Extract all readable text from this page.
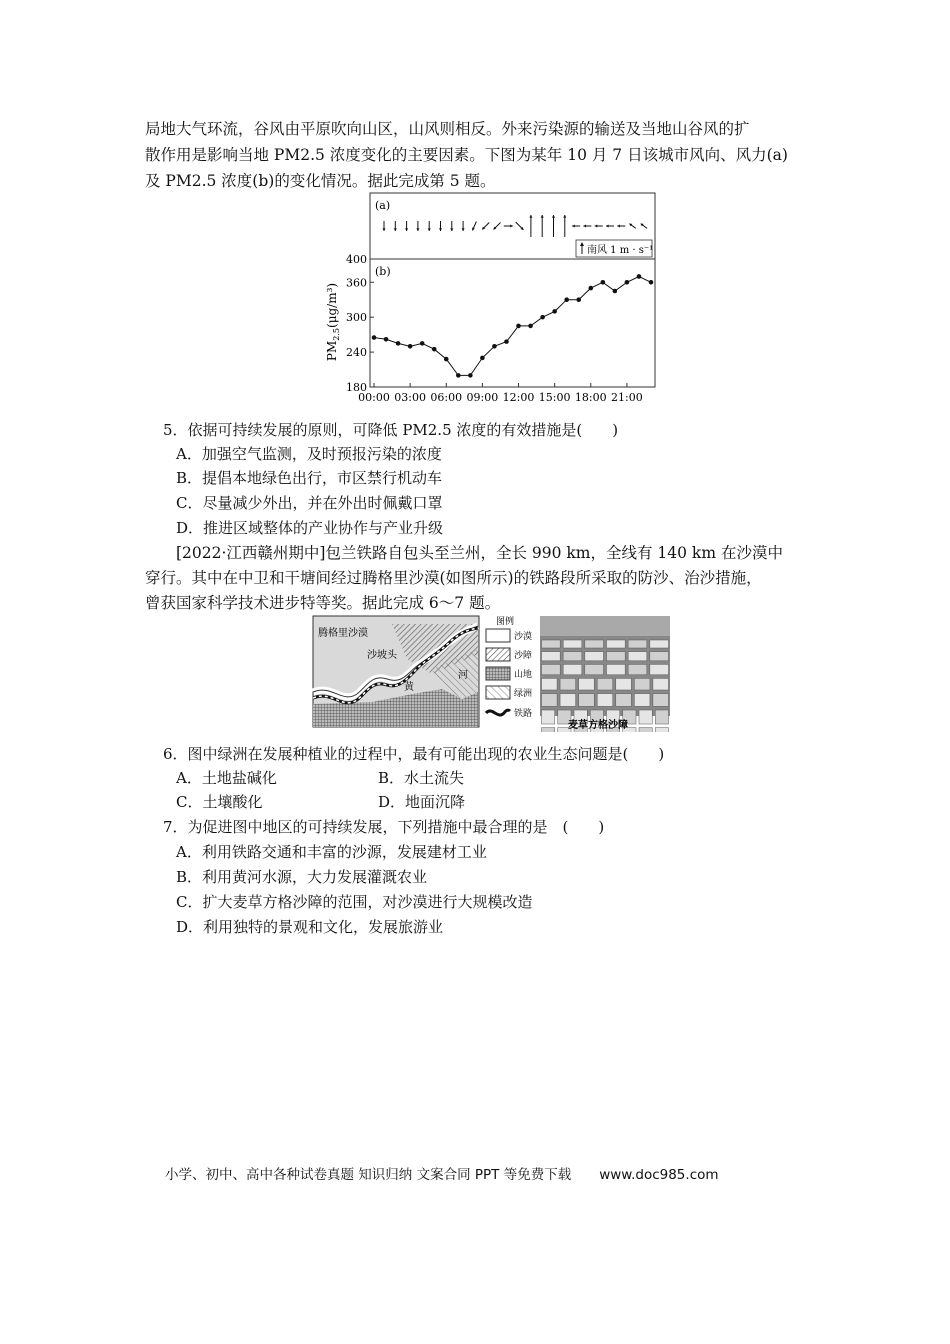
局地大气环流，谷风由平原吹向山区，山风则相反。外来污染源的输送及当地山谷风的扩
散作用是影响当地 PM2.5 浓度变化的主要因素。下图为某年 10 月 7 日该城市风向、风力(a)
及 PM2.5 浓度(b)的变化情况。据此完成第 5 题。
(a)
南风 1 m · s⁻¹
(b)
400
360
300
240
180
00:00 03:00 06:00 09:00 12:00 15:00 18:00 21:00
$PM_{2.5}(\mu g/m^3)$
5．依据可持续发展的原则，可降低 PM2.5 浓度的有效措施是(　　)
A．加强空气监测，及时预报污染的浓度
B．提倡本地绿色出行，市区禁行机动车
C．尽量减少外出，并在外出时佩戴口罩
D．推进区域整体的产业协作与产业升级
[2022·江西赣州期中]包兰铁路自包头至兰州，全长 990 km，全线有 140 km 在沙漠中
穿行。其中在中卫和干塘间经过腾格里沙漠(如图所示)的铁路段所采取的防沙、治沙措施，
曾获国家科学技术进步特等奖。据此完成 6～7 题。
腾格里沙漠
沙坡头
黄
河
图例
沙漠
沙障
山地
绿洲
铁路
麦草方格沙障
6．图中绿洲在发展种植业的过程中，最有可能出现的农业生态问题是(　　)
A．土地盐碱化	B．水土流失
C．土壤酸化	D．地面沉降
7．为促进图中地区的可持续发展，下列措施中最合理的是　(　　)
A．利用铁路交通和丰富的沙源，发展建材工业
B．利用黄河水源，大力发展灌溉农业
C．扩大麦草方格沙障的范围，对沙漠进行大规模改造
D．利用独特的景观和文化，发展旅游业
小学、初中、高中各种试卷真题 知识归纳 文案合同 PPT 等免费下载 www.doc985.com
